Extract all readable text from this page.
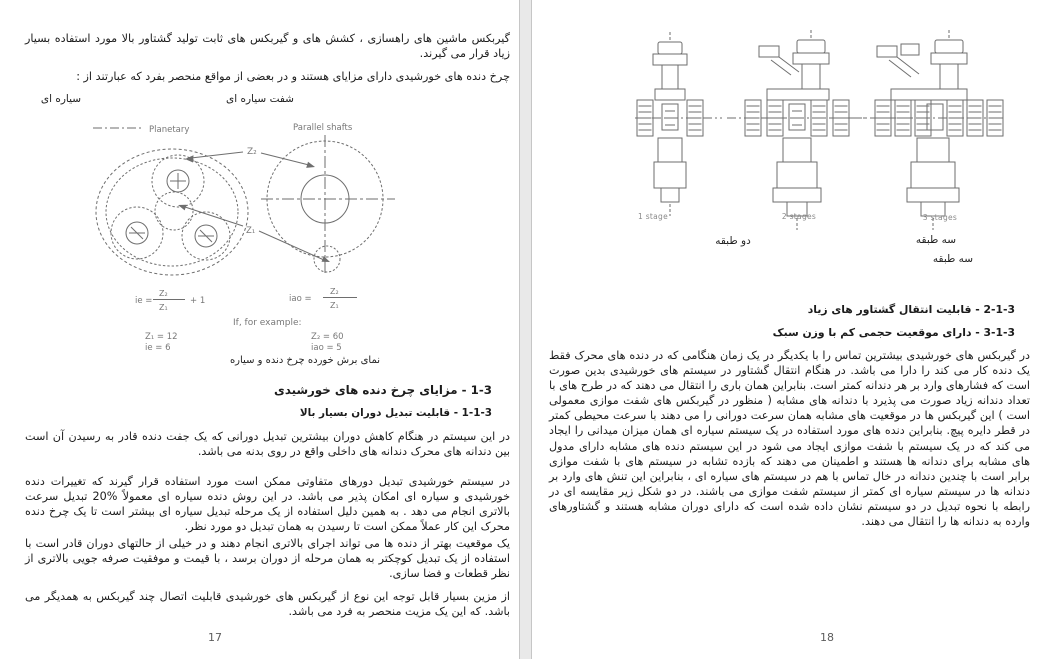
گیربکس ماشین های راهسازی ، کشش های و گیربکس های ثابت تولید گشتاور بالا مورد استفاده بسیار زیاد قرار می گیرند.
چرخ دنده های خورشیدی دارای مزایای هستند و در بعضی از مواقع منحصر بفرد که عبارتند از :
شفت سیاره ای
سیاره ای
Planetary	Parallel shafts
Z₂
Z₁
ie =
Z₂
Z₁
+ 1	iao =
Z₂
Z₁
If, for example:
Z₁ = 12
ie = 6
Z₂ = 60
iao = 5
نمای برش خورده چرخ دنده و سیاره
1-3 - مزایای چرخ دنده های خورشیدی
1-1-3 - قابلیت تبدیل دوران بسیار بالا
در این سیستم در هنگام کاهش دوران بیشترین تبدیل دورانی که یک جفت دنده قادر به رسیدن آن است بین دندانه های محرک دندانه های داخلی واقع در روی بدنه می باشد.
در سیستم خورشیدی تبدیل دورهای متفاوتی ممکن است مورد استفاده قرار گیرند که تغییرات دنده خورشیدی و سیاره ای امکان پذیر می باشد. در این روش دنده سیاره ای معمولاً %20 تبدیل سرعت بالاتری انجام می دهد . به همین دلیل استفاده از یک مرحله تبدیل سیاره ای بیشتر است تا یک چرخ دنده محرک این کار عملاً ممکن است تا رسیدن به همان تبدیل دو مورد نظر.
یک موقعیت بهتر از دنده ها می تواند اجرای بالاتری انجام دهند و در خیلی از حالتهای دوران قادر است با استفاده از یک تبدیل کوچکتر به همان مرحله از دوران برسد ، با قیمت و موفقیت صرفه جویی بالاتری از نظر قطعات و فضا سازی.
از مزین بسیار قابل توجه این نوع از گیربکس های خورشیدی قابلیت اتصال چند گیربکس به همدیگر می باشد. که این یک مزیت منحصر به فرد می باشد.
17
1 stage	2 stages	3 stages
دو طبقه	سه طبقه
سه طبقه
2-1-3 - قابلیت انتقال گشتاور های زیاد
3-1-3 - دارای موقعیت حجمی کم با وزن سبک
در گیربکس های خورشیدی بیشترین تماس را با یکدیگر در یک زمان هنگامی که در دنده های محرک فقط یک دنده کار می کند را دارا می باشد. در هنگام انتقال گشتاور در سیستم های خورشیدی بدین صورت است که فشارهای وارد بر هر دندانه کمتر است. بنابراین همان باری را انتقال می دهند که در طرح های با تعداد دندانه زیاد صورت می پذیرد با دندانه های مشابه ( منظور در گیربکس های شفت موازی معمولی است ) این گیربکس ها در موقعیت های مشابه همان سرعت دورانی را می دهند با سرعت محیطی کمتر در قطر دایره پیچ. بنابراین دنده های مورد استفاده در یک سیستم سیاره ای همان میزان میدانی را ایجاد می کند که در یک سیستم با شفت موازی ایجاد می شود در این سیستم دنده های مشابه دارای مدول های مشابه برای دندانه ها هستند و اطمینان می دهند که بازده تشابه در سیستم های با شفت موازی برابر است با چندین دندانه در خال تماس با هم در سیستم های سیاره ای ، بنابراین این تنش های وارد بر دندانه ها در سیستم سیاره ای کمتر از سیستم شفت موازی می باشند. در دو شکل زیر مقایسه ای در رابطه با نحوه تبدیل در دو سیستم نشان داده شده است که دارای دوران مشابه هستند و گشتاورهای وارده به دندانه ها را انتقال می دهند.
18
